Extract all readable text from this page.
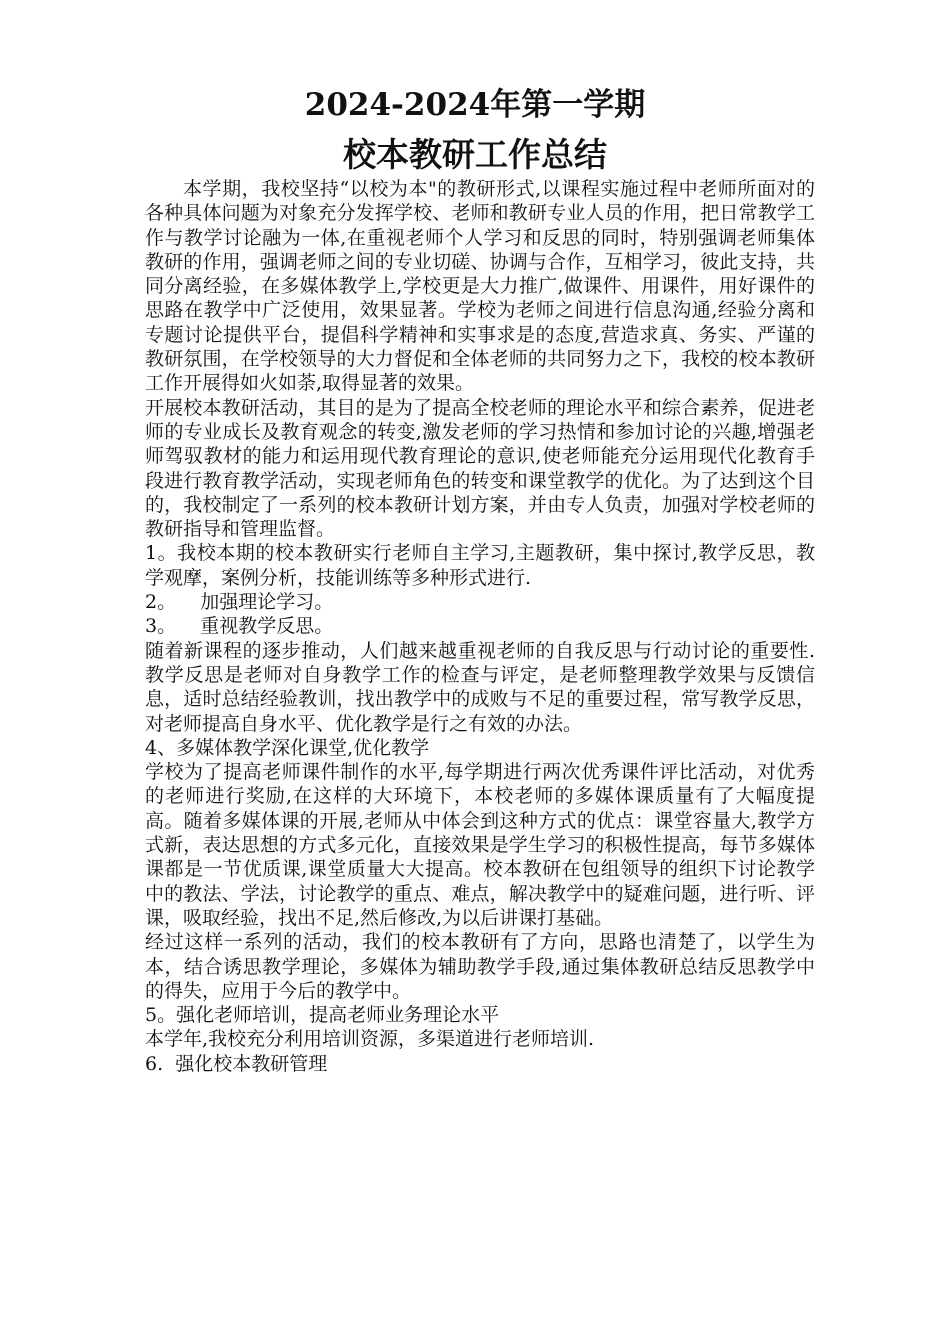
2024-2024年第一学期
校本教研工作总结

本学期，我校坚持“以校为本"的教研形式,以课程实施过程中老师所面对的各种具体问题为对象充分发挥学校、老师和教研专业人员的作用，把日常教学工作与教学讨论融为一体,在重视老师个人学习和反思的同时，特别强调老师集体教研的作用，强调老师之间的专业切磋、协调与合作，互相学习，彼此支持，共同分离经验，在多媒体教学上,学校更是大力推广,做课件、用课件，用好课件的思路在教学中广泛使用，效果显著。学校为老师之间进行信息沟通,经验分离和专题讨论提供平台，提倡科学精神和实事求是的态度,营造求真、务实、严谨的教研氛围，在学校领导的大力督促和全体老师的共同努力之下，我校的校本教研工作开展得如火如荼,取得显著的效果。

开展校本教研活动，其目的是为了提高全校老师的理论水平和综合素养，促进老师的专业成长及教育观念的转变,激发老师的学习热情和参加讨论的兴趣,增强老师驾驭教材的能力和运用现代教育理论的意识,使老师能充分运用现代化教育手段进行教育教学活动，实现老师角色的转变和课堂教学的优化。为了达到这个目的，我校制定了一系列的校本教研计划方案，并由专人负责，加强对学校老师的教研指导和管理监督。

1。我校本期的校本教研实行老师自主学习,主题教研，集中探讨,教学反思，教学观摩，案例分析，技能训练等多种形式进行.

2。    加强理论学习。

3。    重视教学反思。

随着新课程的逐步推动，人们越来越重视老师的自我反思与行动讨论的重要性.教学反思是老师对自身教学工作的检查与评定，是老师整理教学效果与反馈信息，适时总结经验教训，找出教学中的成败与不足的重要过程，常写教学反思，对老师提高自身水平、优化教学是行之有效的办法。

4、多媒体教学深化课堂,优化教学

学校为了提高老师课件制作的水平,每学期进行两次优秀课件评比活动，对优秀的老师进行奖励,在这样的大环境下，本校老师的多媒体课质量有了大幅度提高。随着多媒体课的开展,老师从中体会到这种方式的优点：课堂容量大,教学方式新，表达思想的方式多元化，直接效果是学生学习的积极性提高，每节多媒体课都是一节优质课,课堂质量大大提高。校本教研在包组领导的组织下讨论教学中的教法、学法，讨论教学的重点、难点，解决教学中的疑难问题，进行听、评课，吸取经验，找出不足,然后修改,为以后讲课打基础。

经过这样一系列的活动，我们的校本教研有了方向，思路也清楚了，以学生为本，结合诱思教学理论，多媒体为辅助教学手段,通过集体教研总结反思教学中的得失，应用于今后的教学中。

5。强化老师培训，提高老师业务理论水平

本学年,我校充分利用培训资源，多渠道进行老师培训.

6.  强化校本教研管理
